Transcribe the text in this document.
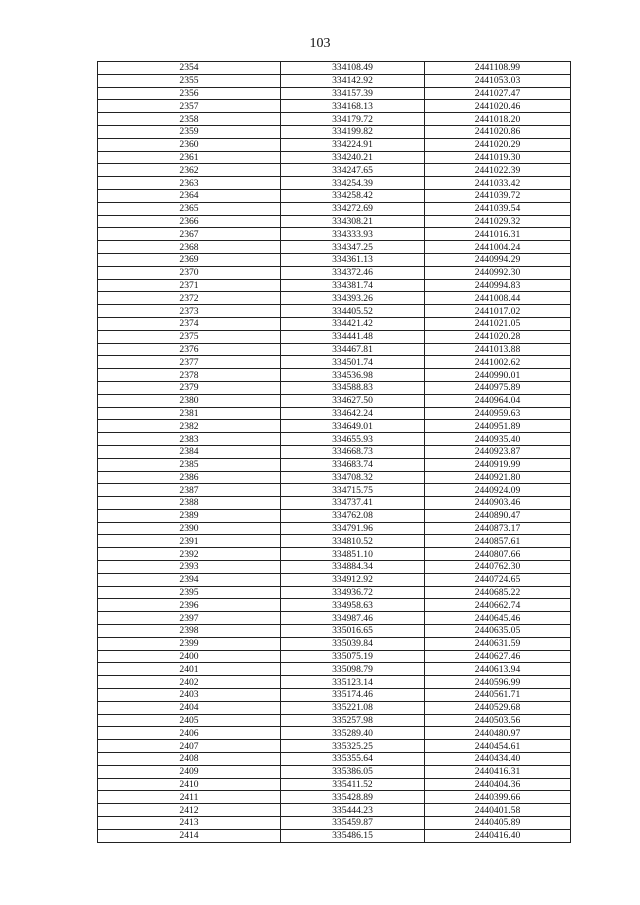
103
2354	334108.49	2441108.99
2355	334142.92	2441053.03
2356	334157.39	2441027.47
2357	334168.13	2441020.46
2358	334179.72	2441018.20
2359	334199.82	2441020.86
2360	334224.91	2441020.29
2361	334240.21	2441019.30
2362	334247.65	2441022.39
2363	334254.39	2441033.42
2364	334258.42	2441039.72
2365	334272.69	2441039.54
2366	334308.21	2441029.32
2367	334333.93	2441016.31
2368	334347.25	2441004.24
2369	334361.13	2440994.29
2370	334372.46	2440992.30
2371	334381.74	2440994.83
2372	334393.26	2441008.44
2373	334405.52	2441017.02
2374	334421.42	2441021.05
2375	334441.48	2441020.28
2376	334467.81	2441013.88
2377	334501.74	2441002.62
2378	334536.98	2440990.01
2379	334588.83	2440975.89
2380	334627.50	2440964.04
2381	334642.24	2440959.63
2382	334649.01	2440951.89
2383	334655.93	2440935.40
2384	334668.73	2440923.87
2385	334683.74	2440919.99
2386	334708.32	2440921.80
2387	334715.75	2440924.09
2388	334737.41	2440903.46
2389	334762.08	2440890.47
2390	334791.96	2440873.17
2391	334810.52	2440857.61
2392	334851.10	2440807.66
2393	334884.34	2440762.30
2394	334912.92	2440724.65
2395	334936.72	2440685.22
2396	334958.63	2440662.74
2397	334987.46	2440645.46
2398	335016.65	2440635.05
2399	335039.84	2440631.59
2400	335075.19	2440627.46
2401	335098.79	2440613.94
2402	335123.14	2440596.99
2403	335174.46	2440561.71
2404	335221.08	2440529.68
2405	335257.98	2440503.56
2406	335289.40	2440480.97
2407	335325.25	2440454.61
2408	335355.64	2440434.40
2409	335386.05	2440416.31
2410	335411.52	2440404.36
2411	335428.89	2440399.66
2412	335444.23	2440401.58
2413	335459.87	2440405.89
2414	335486.15	2440416.40
